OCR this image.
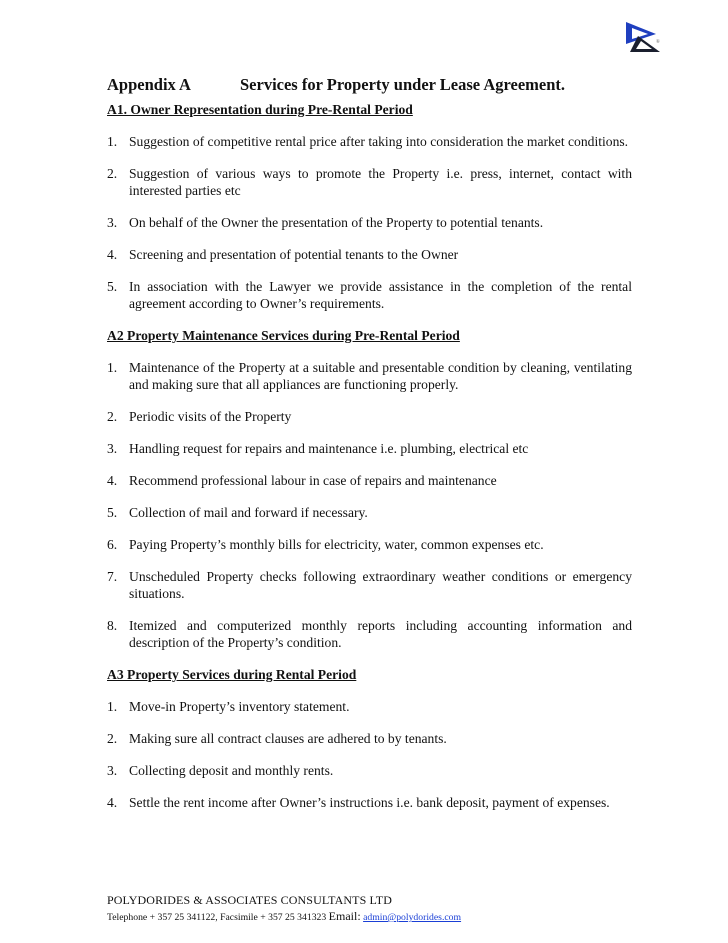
®
Appendix A	Services for Property under Lease Agreement.

A1. Owner Representation during Pre-Rental Period

1. Suggestion of competitive rental price after taking into consideration the market conditions.
2. Suggestion of various ways to promote the Property i.e. press, internet, contact with interested parties etc
3. On behalf of the Owner the presentation of the Property to potential tenants.
4. Screening and presentation of potential tenants to the Owner
5. In association with the Lawyer we provide assistance in the completion of the rental agreement according to Owner’s requirements.

A2 Property Maintenance Services during Pre-Rental Period

1. Maintenance of the Property at a suitable and presentable condition by cleaning, ventilating and making sure that all appliances are functioning properly.
2. Periodic visits of the Property
3. Handling request for repairs and maintenance i.e. plumbing, electrical etc
4. Recommend professional labour in case of repairs and maintenance
5. Collection of mail and forward if necessary.
6. Paying Property’s monthly bills for electricity, water, common expenses etc.
7. Unscheduled Property checks following extraordinary weather conditions or emergency situations.
8. Itemized and computerized monthly reports including accounting information and description of the Property’s condition.

A3 Property Services during Rental Period

1. Move-in Property’s inventory statement.
2. Making sure all contract clauses are adhered to by tenants.
3. Collecting deposit and monthly rents.
4. Settle the rent income after Owner’s instructions i.e. bank deposit, payment of expenses.
POLYDORIDES & ASSOCIATES CONSULTANTS LTD
Telephone + 357 25 341122, Facsimile + 357 25 341323 Email: admin@polydorides.com
